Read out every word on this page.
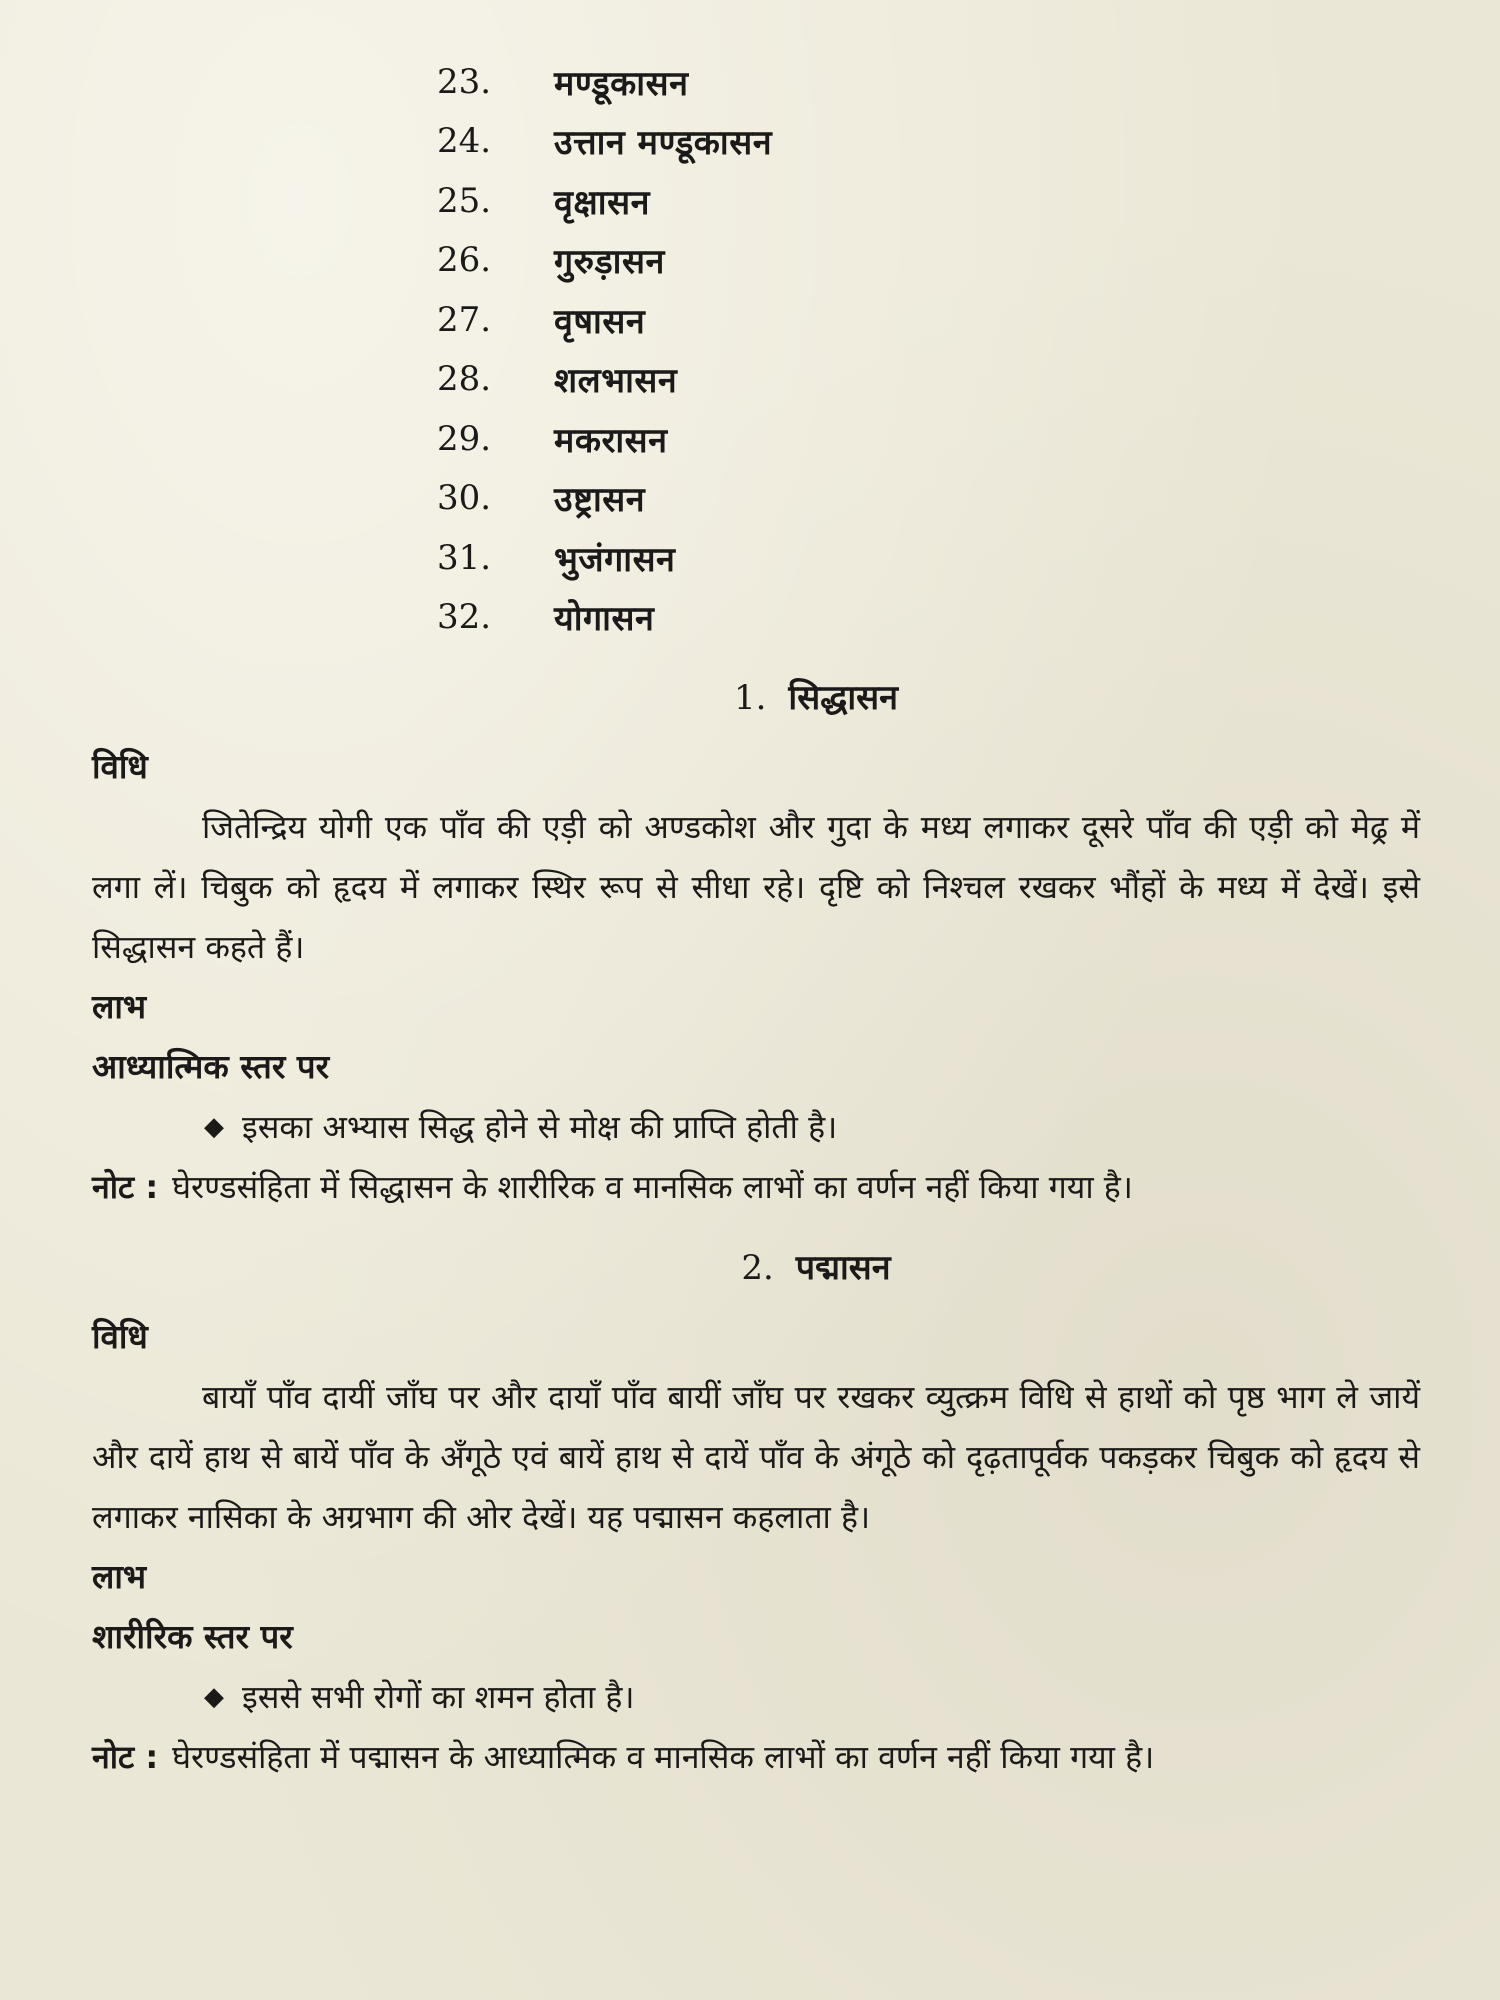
23.	मण्डूकासन
24.	उत्तान मण्डूकासन
25.	वृक्षासन
26.	गुरुड़ासन
27.	वृषासन
28.	शलभासन
29.	मकरासन
30.	उष्ट्रासन
31.	भुजंगासन
32.	योगासन
1. सिद्धासन

विधि

जितेन्द्रिय योगी एक पाँव की एड़ी को अण्डकोश और गुदा के मध्य लगाकर दूसरे पाँव की एड़ी को मेढ्र में लगा लें। चिबुक को हृदय में लगाकर स्थिर रूप से सीधा रहे। दृष्टि को निश्चल रखकर भौंहों के मध्य में देखें। इसे सिद्धासन कहते हैं।

लाभ

आध्यात्मिक स्तर पर

◆ इसका अभ्यास सिद्ध होने से मोक्ष की प्राप्ति होती है।

नोट : घेरण्डसंहिता में सिद्धासन के शारीरिक व मानसिक लाभों का वर्णन नहीं किया गया है।

2. पद्मासन

विधि

बायाँ पाँव दायीं जाँघ पर और दायाँ पाँव बायीं जाँघ पर रखकर व्युत्क्रम विधि से हाथों को पृष्ठ भाग ले जायें और दायें हाथ से बायें पाँव के अँगूठे एवं बायें हाथ से दायें पाँव के अंगूठे को दृढ़तापूर्वक पकड़कर चिबुक को हृदय से लगाकर नासिका के अग्रभाग की ओर देखें। यह पद्मासन कहलाता है।

लाभ

शारीरिक स्तर पर

◆ इससे सभी रोगों का शमन होता है।

नोट : घेरण्डसंहिता में पद्मासन के आध्यात्मिक व मानसिक लाभों का वर्णन नहीं किया गया है।
